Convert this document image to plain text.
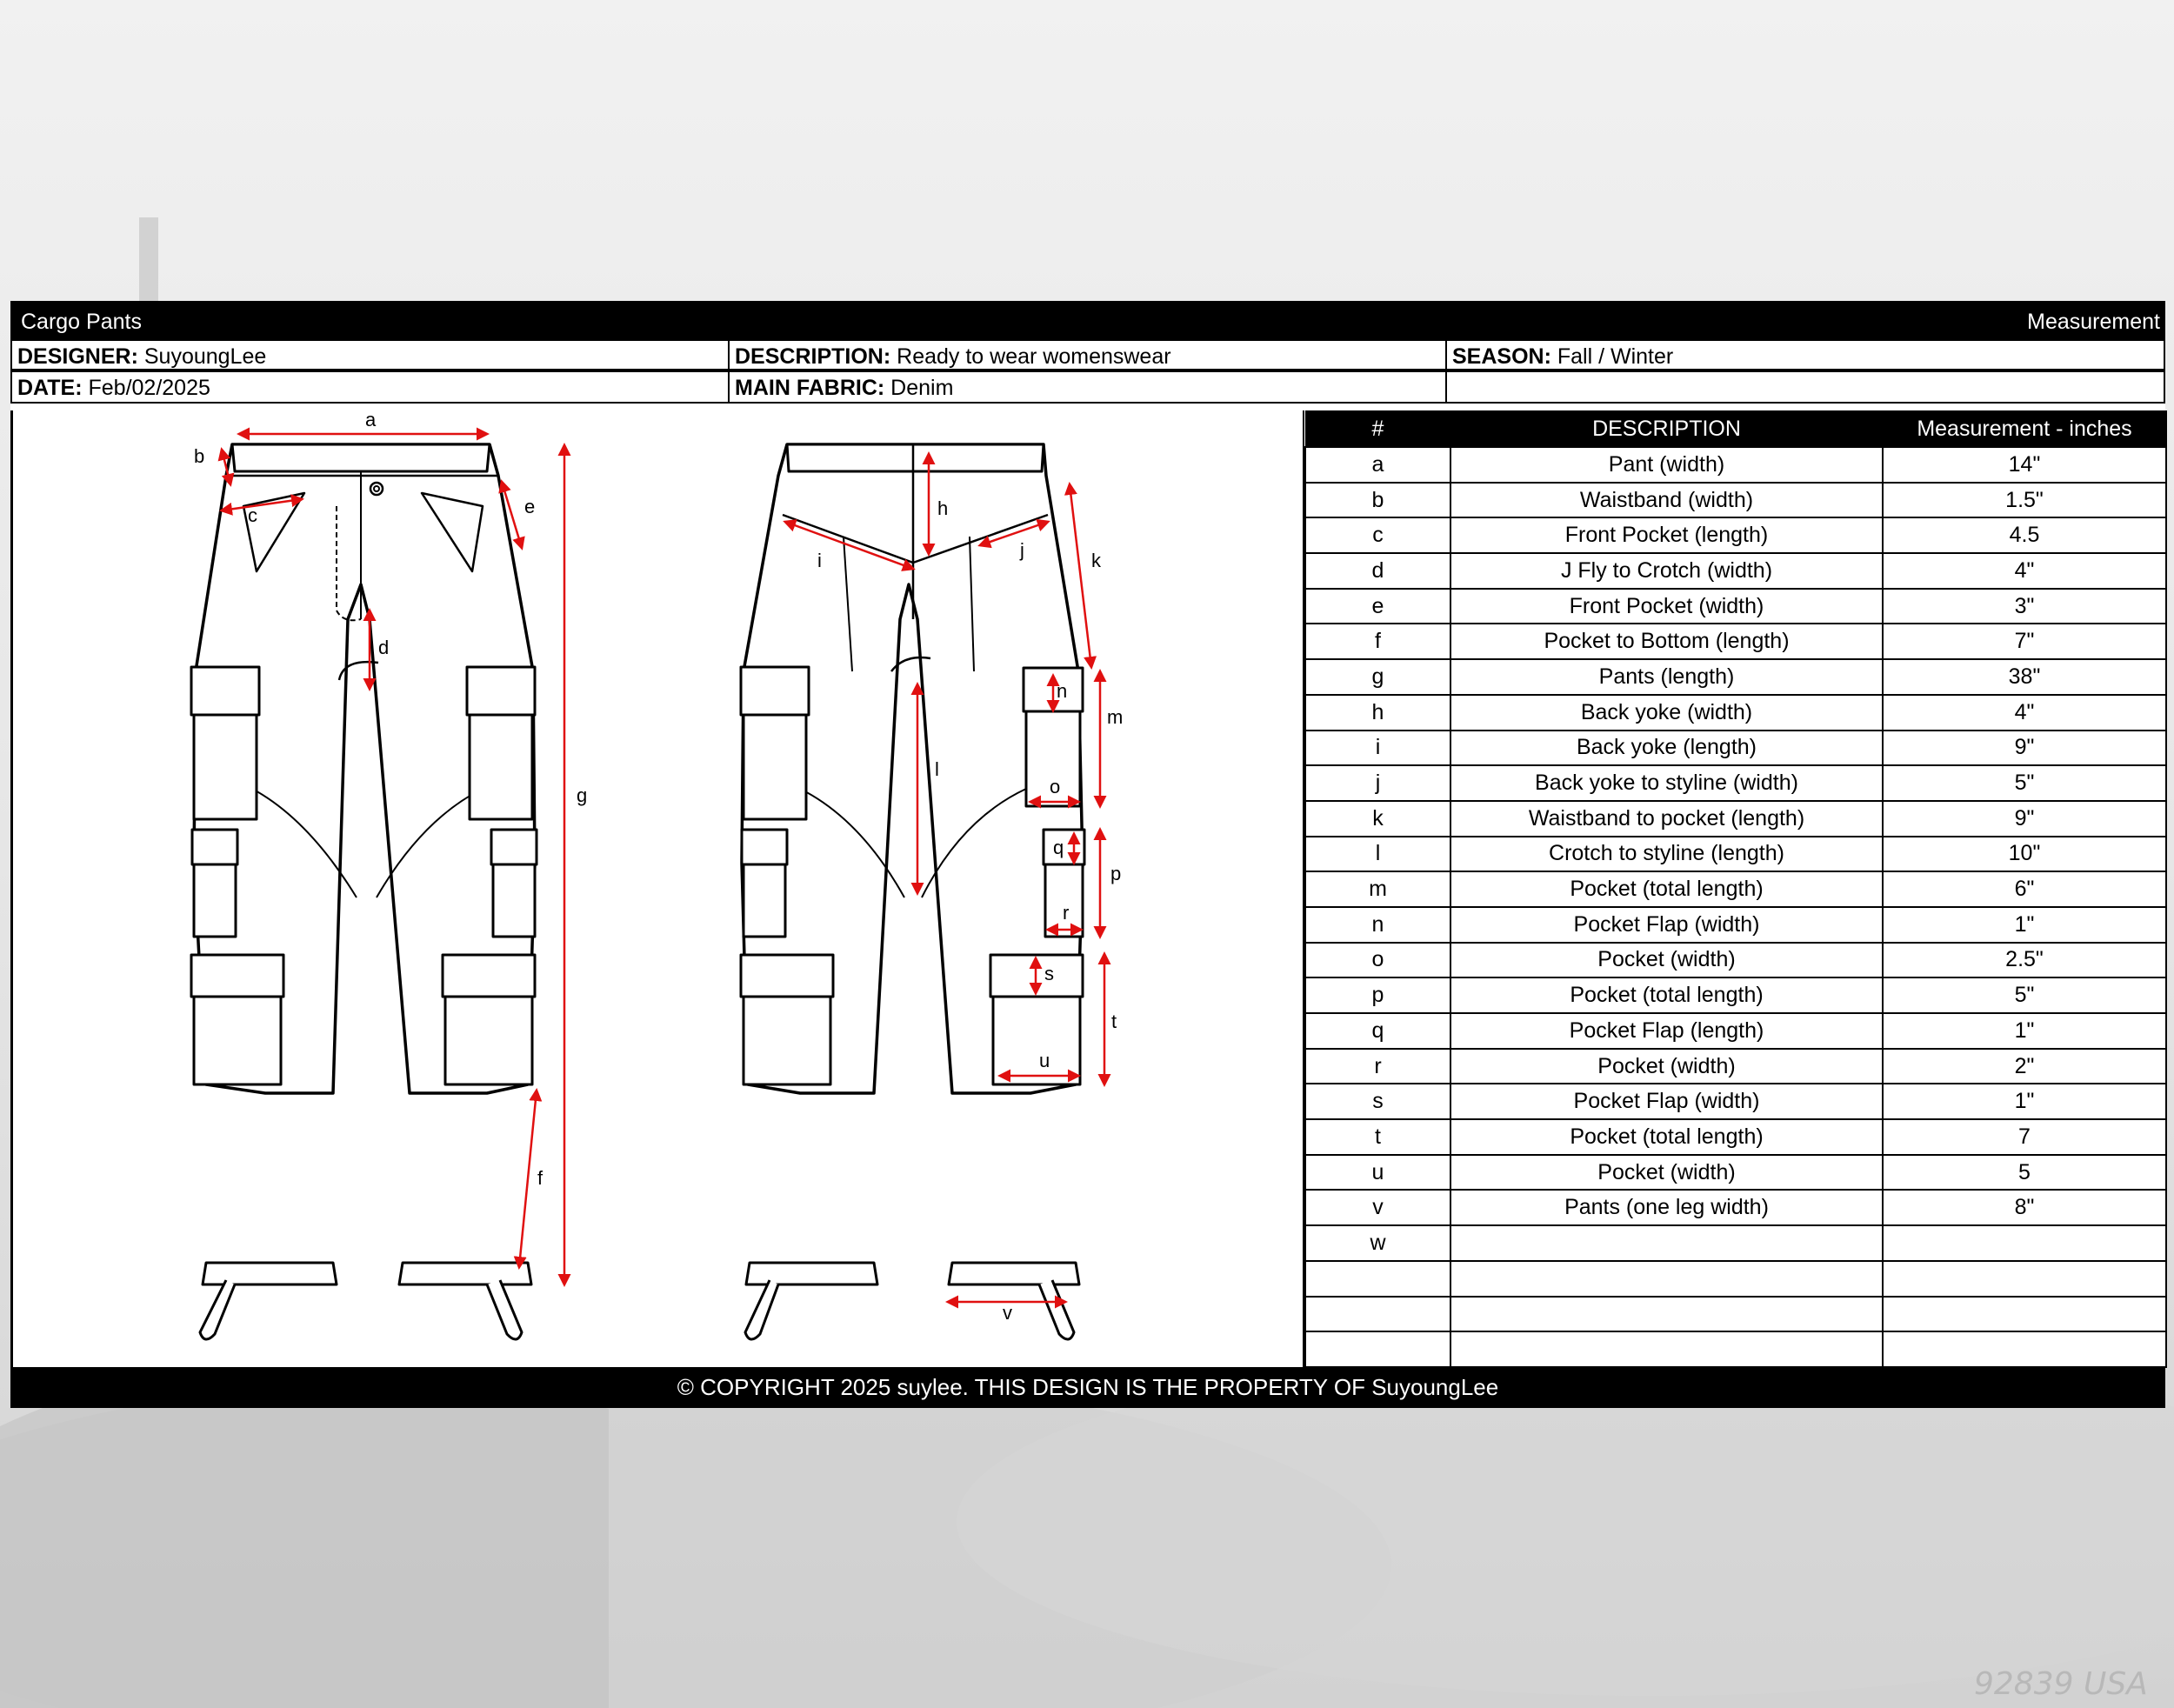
92839 USA
Cargo Pants	Measurement
DESIGNER: SuyoungLee	DESCRIPTION: Ready to wear womenswear	SEASON: Fall / Winter
DATE: Feb/02/2025	MAIN FABRIC: Denim
a
b
c
d
e
f
g
h
i	j	k
l
m
n
o
p
q
r
s
t
u
v
#	DESCRIPTION	Measurement - inches
a	Pant (width)	14"
b	Waistband (width)	1.5"
c	Front Pocket (length)	4.5
d	J Fly to Crotch (width)	4"
e	Front Pocket (width)	3"
f	Pocket to Bottom (length)	7"
g	Pants (length)	38"
h	Back yoke (width)	4"
i	Back yoke (length)	9"
j	Back yoke to styline (width)	5"
k	Waistband to pocket (length)	9"
l	Crotch to styline (length)	10"
m	Pocket (total length)	6"
n	Pocket Flap (width)	1"
o	Pocket (width)	2.5"
p	Pocket (total length)	5"
q	Pocket Flap (length)	1"
r	Pocket (width)	2"
s	Pocket Flap (width)	1"
t	Pocket (total length)	7
u	Pocket (width)	5
v	Pants (one leg width)	8"
w		

© COPYRIGHT 2025 suylee. THIS DESIGN IS THE PROPERTY OF SuyoungLee
